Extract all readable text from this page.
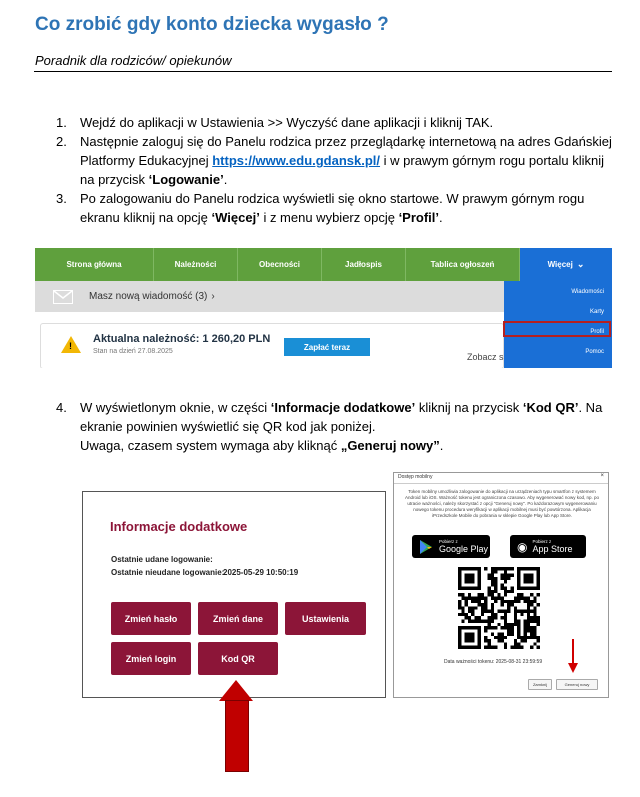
Co zrobić gdy konto dziecka wygasło ?
Poradnik dla rodziców/ opiekunów
1.	Wejdź do aplikacji w Ustawienia >> Wyczyść dane aplikacji i kliknij TAK.
2.	Następnie zaloguj się do Panelu rodzica przez przeglądarkę internetową na adres Gdańskiej Platformy Edukacyjnej https://www.edu.gdansk.pl/ i w prawym górnym rogu portalu kliknij na przycisk ‘Logowanie’.
3.	Po zalogowaniu do Panelu rodzica wyświetli się okno startowe. W prawym górnym rogu ekranu kliknij na opcję ‘Więcej’ i z menu wybierz opcję ‘Profil’.
Strona główna	Należności	Obecności	Jadłospis	Tablica ogłoszeń	Więcej ⌄
Masz nową wiadomość (3) ›
!
Aktualna należność: 1 260,20 PLN
Stan na dzień 27.08.2025	Zapłać teraz
Zobacz s
Wiadomości
Karty
Profil
Pomoc
4.	W wyświetlonym oknie, w części ‘Informacje dodatkowe’ kliknij na przycisk ‘Kod QR’. Na ekranie powinien wyświetlić się QR kod jak poniżej.
Uwaga, czasem system wymaga aby kliknąć „Generuj nowy”.
Informacje dodatkowe
Ostatnie udane logowanie:
Ostatnie nieudane logowanie:
2025-05-29 10:50:19
Zmień hasło	Zmień dane	Ustawienia
Zmień login	Kod QR
Dostęp mobilny	×
Token mobilny umożliwia zalogowanie do aplikacji na urządzeniach typu smartfon z systemem Android lub iOS. Ważność tokenu jest ograniczona czasowo. Aby wygenerować nowy kod, np. po utracie ważności, należy skorzystać z opcji "Generuj nowy". Po każdorazowym wygenerowaniu nowego tokenu procedura weryfikacji w aplikacji mobilnej musi być powtórzona. Aplikacja iPrzedszkole Mobile do pobrania w sklepie Google Play lub App Store.
Pobierz z
Google Play ◉ Pobierz z
App Store
Data ważności tokenu: 2025-08-31 23:59:59
Zamknij	Generuj nowy
